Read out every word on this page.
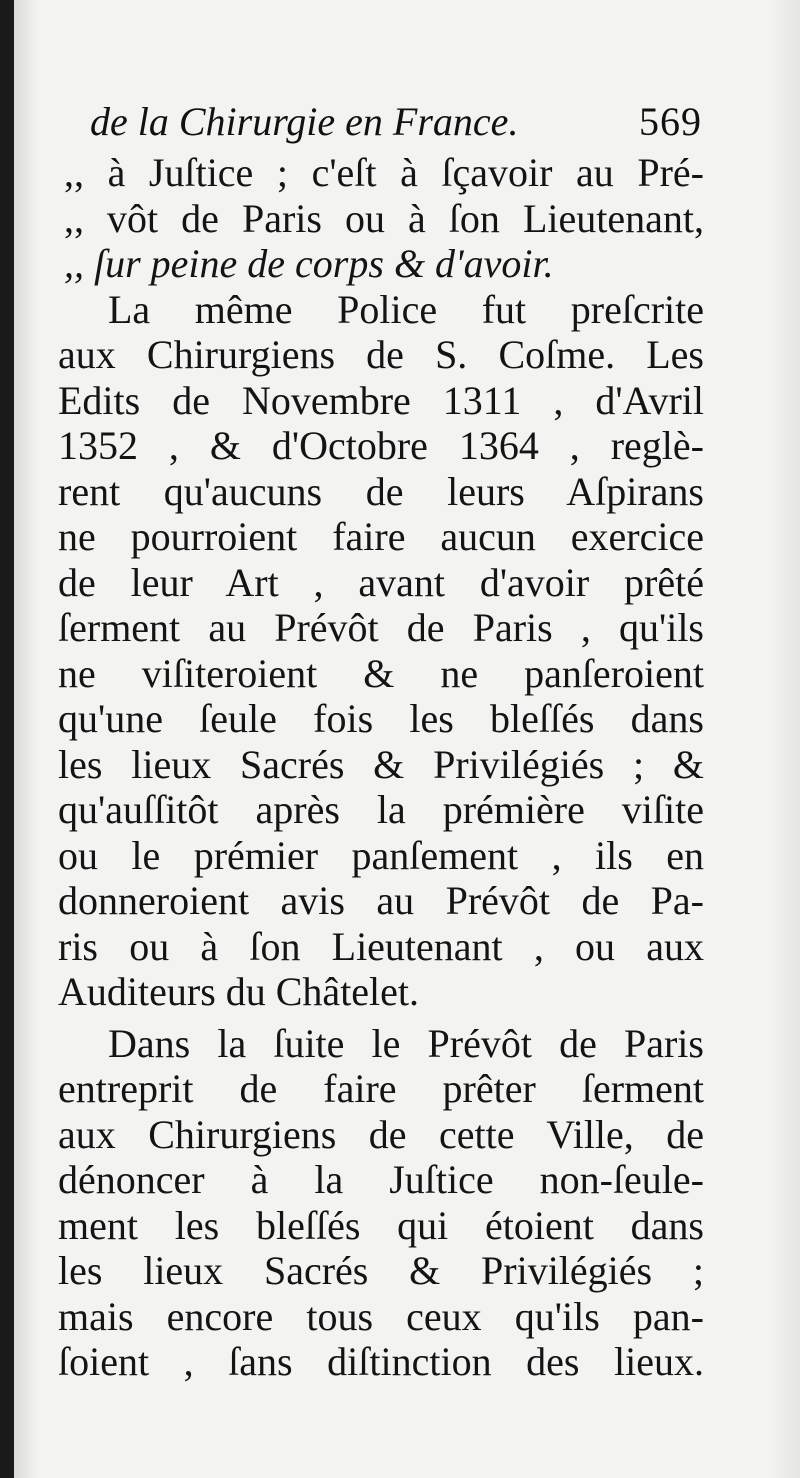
de la Chirurgie en France.	569
,, à Juſtice ; c'eſt à ſçavoir au Pré-
,, vôt de Paris ou à ſon Lieutenant,
,, ſur peine de corps & d'avoir.
La même Police fut preſcrite
aux Chirurgiens de S. Coſme. Les
Edits de Novembre 1311 , d'Avril
1352 , & d'Octobre 1364 , reglè-
rent qu'aucuns de leurs Aſpirans
ne pourroient faire aucun exercice
de leur Art , avant d'avoir prêté
ſerment au Prévôt de Paris , qu'ils
ne viſiteroient & ne panſeroient
qu'une ſeule fois les bleſſés dans
les lieux Sacrés & Privilégiés ; &
qu'auſſitôt après la prémière viſite
ou le prémier panſement , ils en
donneroient avis au Prévôt de Pa-
ris ou à ſon Lieutenant , ou aux
Auditeurs du Châtelet.
Dans la ſuite le Prévôt de Paris
entreprit de faire prêter ſerment
aux Chirurgiens de cette Ville, de
dénoncer à la Juſtice non-ſeule-
ment les bleſſés qui étoient dans
les lieux Sacrés & Privilégiés ;
mais encore tous ceux qu'ils pan-
ſoient , ſans diſtinction des lieux.
